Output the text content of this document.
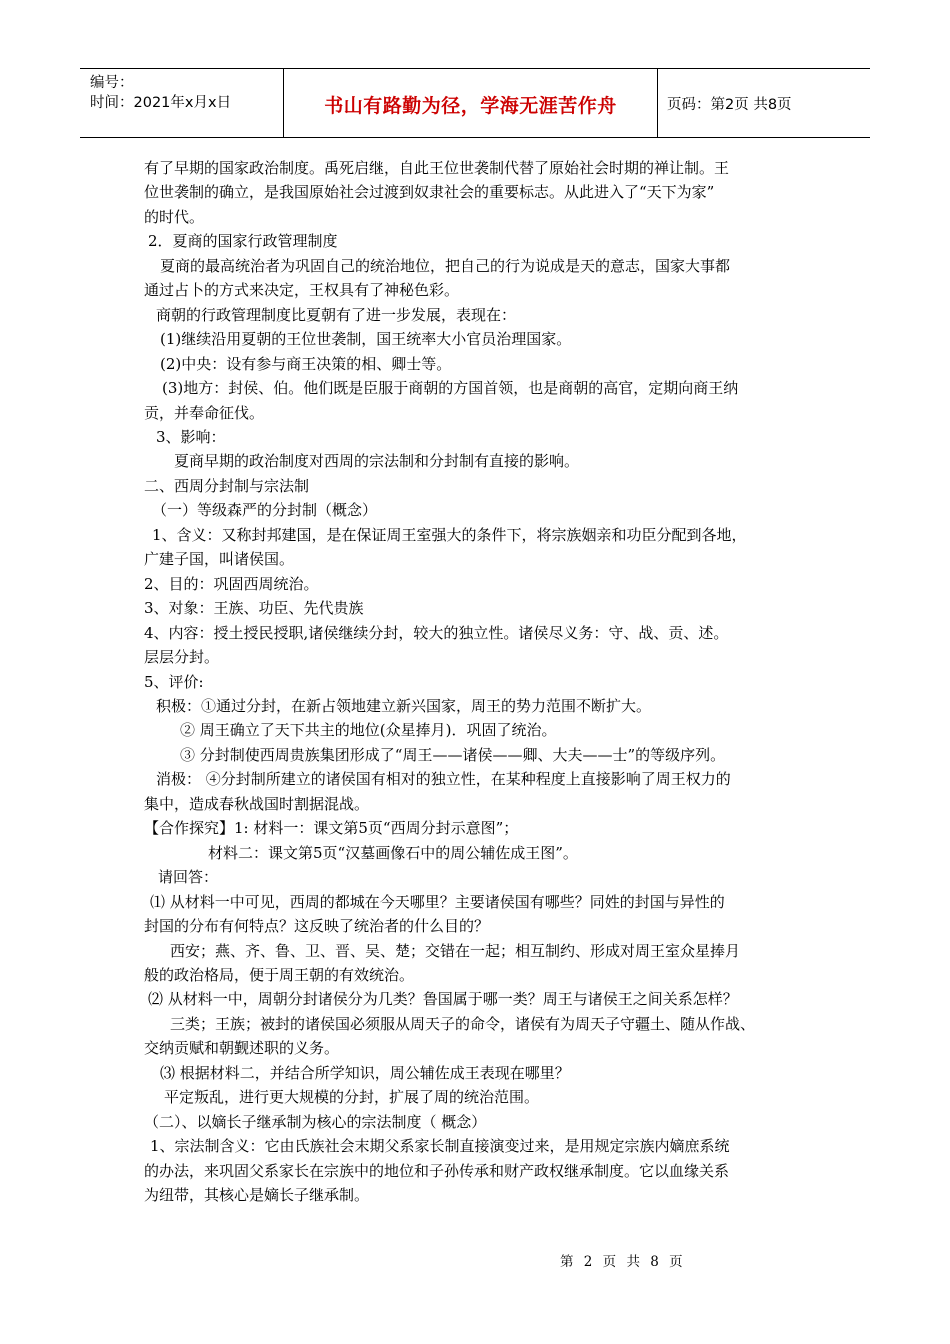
编号：
时间：2021年x月x日	书山有路勤为径，学海无涯苦作舟	页码：第2页 共8页

有了早期的国家政治制度。禹死启继，自此王位世袭制代替了原始社会时期的禅让制。王

位世袭制的确立，是我国原始社会过渡到奴隶社会的重要标志。从此进入了“天下为家”

的时代。

2．夏商的国家行政管理制度

夏商的最高统治者为巩固自己的统治地位，把自己的行为说成是天的意志，国家大事都

通过占卜的方式来决定，王权具有了神秘色彩。

商朝的行政管理制度比夏朝有了进一步发展，表现在：

(1)继续沿用夏朝的王位世袭制，国王统率大小官员治理国家。

(2)中央：设有参与商王决策的相、卿士等。

(3)地方：封侯、伯。他们既是臣服于商朝的方国首领，也是商朝的高官，定期向商王纳

贡，并奉命征伐。

3、影响：

夏商早期的政治制度对西周的宗法制和分封制有直接的影响。

二、西周分封制与宗法制

（一）等级森严的分封制（概念）

1、含义：又称封邦建国，是在保证周王室强大的条件下，将宗族姻亲和功臣分配到各地，

广建子国，叫诸侯国。

2、目的：巩固西周统治。

3、对象：王族、功臣、先代贵族

4、内容：授土授民授职,诸侯继续分封，较大的独立性。诸侯尽义务：守、战、贡、述。

层层分封。

5、评价:

积极：①通过分封，在新占领地建立新兴国家，周王的势力范围不断扩大。

② 周王确立了天下共主的地位(众星捧月)．巩固了统治。

③ 分封制使西周贵族集团形成了“周王——诸侯——卿、大夫——士”的等级序列。

消极： ④分封制所建立的诸侯国有相对的独立性，在某种程度上直接影响了周王权力的

集中，造成春秋战国时割据混战。

【合作探究】1: 材料一：课文第5页“西周分封示意图”；

材料二：课文第5页“汉墓画像石中的周公辅佐成王图”。

请回答：

⑴ 从材料一中可见，西周的都城在今天哪里？主要诸侯国有哪些？同姓的封国与异性的

封国的分布有何特点？这反映了统治者的什么目的？

西安；燕、齐、鲁、卫、晋、吴、楚；交错在一起；相互制约、形成对周王室众星捧月

般的政治格局，便于周王朝的有效统治。

⑵ 从材料一中，周朝分封诸侯分为几类？鲁国属于哪一类？周王与诸侯王之间关系怎样？

三类；王族；被封的诸侯国必须服从周天子的命令，诸侯有为周天子守疆土、随从作战、

交纳贡赋和朝觐述职的义务。

⑶ 根据材料二，并结合所学知识，周公辅佐成王表现在哪里？

平定叛乱，进行更大规模的分封，扩展了周的统治范围。

（二）、以嫡长子继承制为核心的宗法制度（ 概念）

1、宗法制含义：它由氏族社会末期父系家长制直接演变过来，是用规定宗族内嫡庶系统

的办法，来巩固父系家长在宗族中的地位和子孙传承和财产政权继承制度。它以血缘关系

为纽带，其核心是嫡长子继承制。

第 2 页 共 8 页
